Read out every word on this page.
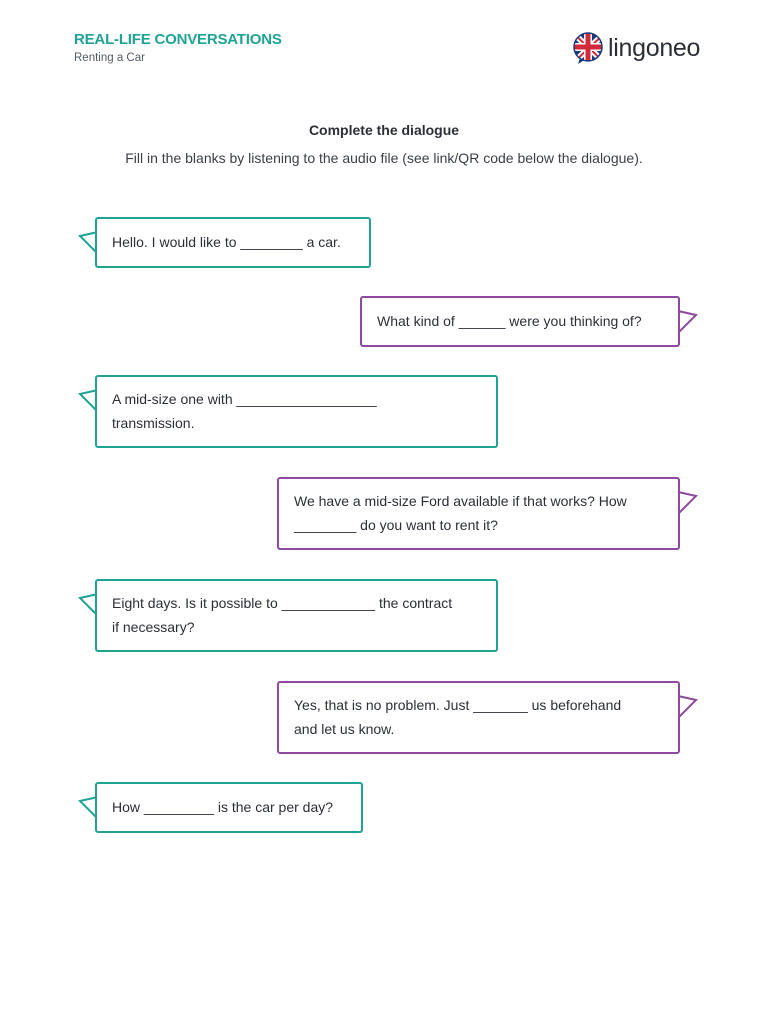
REAL-LIFE CONVERSATIONS
Renting a Car	lingoneo
Complete the dialogue
Fill in the blanks by listening to the audio file (see link/QR code below the dialogue).
Hello. I would like to ________ a car.
What kind of ______ were you thinking of?
A mid-size one with __________________
transmission.
We have a mid-size Ford available if that works? How
________ do you want to rent it?
Eight days. Is it possible to ____________ the contract
if necessary?
Yes, that is no problem. Just _______ us beforehand
and let us know.
How _________ is the car per day?
